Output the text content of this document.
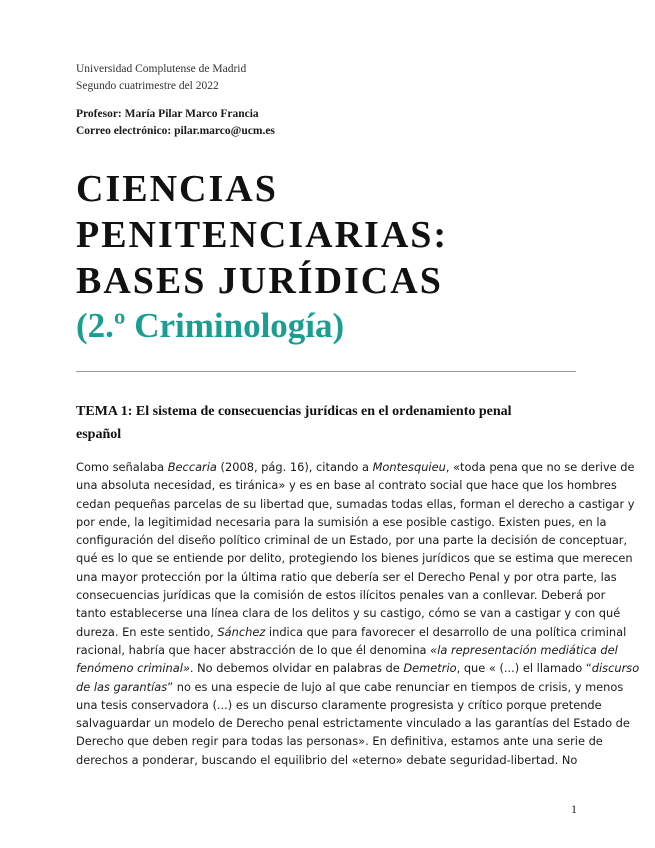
Universidad Complutense de Madrid
Segundo cuatrimestre del 2022
Profesor: María Pilar Marco Francia
Correo electrónico: pilar.marco@ucm.es
CIENCIAS
PENITENCIARIAS:
BASES JURÍDICAS
(2.º Criminología)
TEMA 1: El sistema de consecuencias jurídicas en el ordenamiento penal
español
Como señalaba Beccaria (2008, pág. 16), citando a Montesquieu, «toda pena que no se derive de
una absoluta necesidad, es tiránica» y es en base al contrato social que hace que los hombres
cedan pequeñas parcelas de su libertad que, sumadas todas ellas, forman el derecho a castigar y
por ende, la legitimidad necesaria para la sumisión a ese posible castigo. Existen pues, en la
configuración del diseño político criminal de un Estado, por una parte la decisión de conceptuar,
qué es lo que se entiende por delito, protegiendo los bienes jurídicos que se estima que merecen
una mayor protección por la última ratio que debería ser el Derecho Penal y por otra parte, las
consecuencias jurídicas que la comisión de estos ilícitos penales van a conllevar. Deberá por
tanto establecerse una línea clara de los delitos y su castigo, cómo se van a castigar y con qué
dureza. En este sentido, Sánchez indica que para favorecer el desarrollo de una política criminal
racional, habría que hacer abstracción de lo que él denomina «la representación mediática del
fenómeno criminal». No debemos olvidar en palabras de Demetrio, que « (...) el llamado “discurso
de las garantías” no es una especie de lujo al que cabe renunciar en tiempos de crisis, y menos
una tesis conservadora (...) es un discurso claramente progresista y crítico porque pretende
salvaguardar un modelo de Derecho penal estrictamente vinculado a las garantías del Estado de
Derecho que deben regir para todas las personas». En definitiva, estamos ante una serie de
derechos a ponderar, buscando el equilibrio del «eterno» debate seguridad-libertad. No
1
